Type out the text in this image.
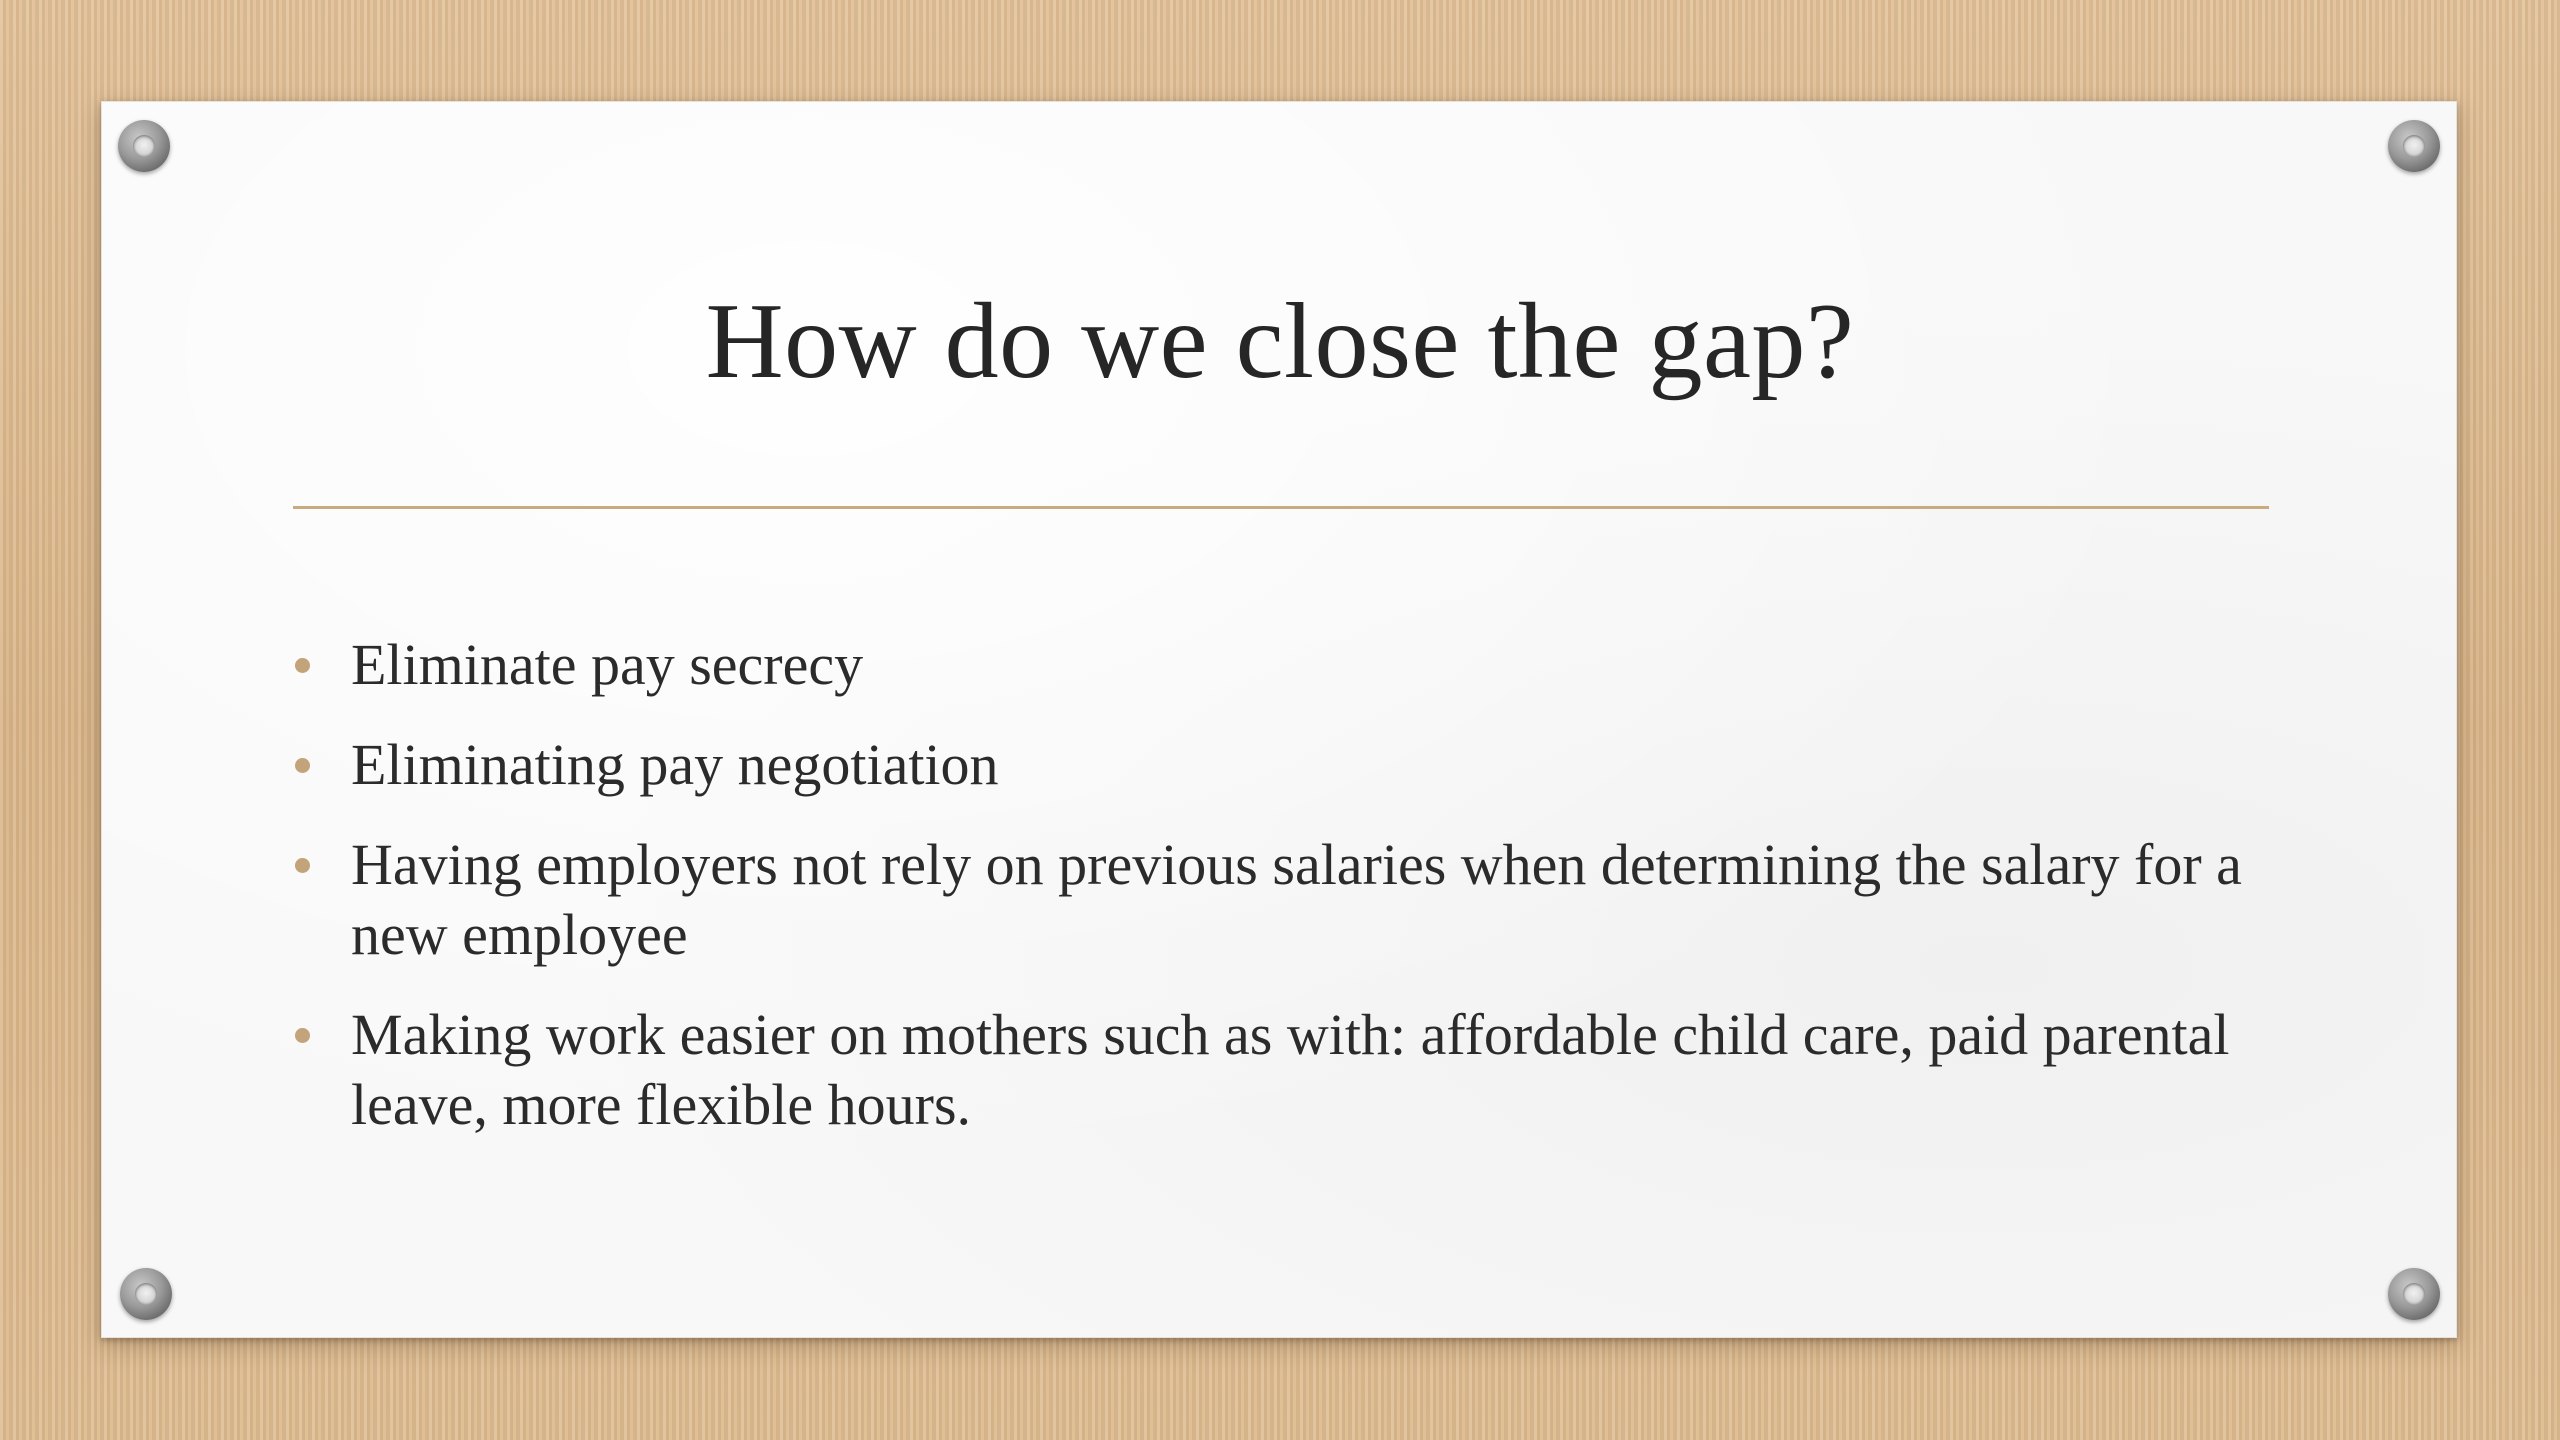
How do we close the gap?
Eliminate pay secrecy
Eliminating pay negotiation
Having employers not rely on previous salaries when determining the salary for a new employee
Making work easier on mothers such as with: affordable child care, paid parental leave, more flexible hours.
